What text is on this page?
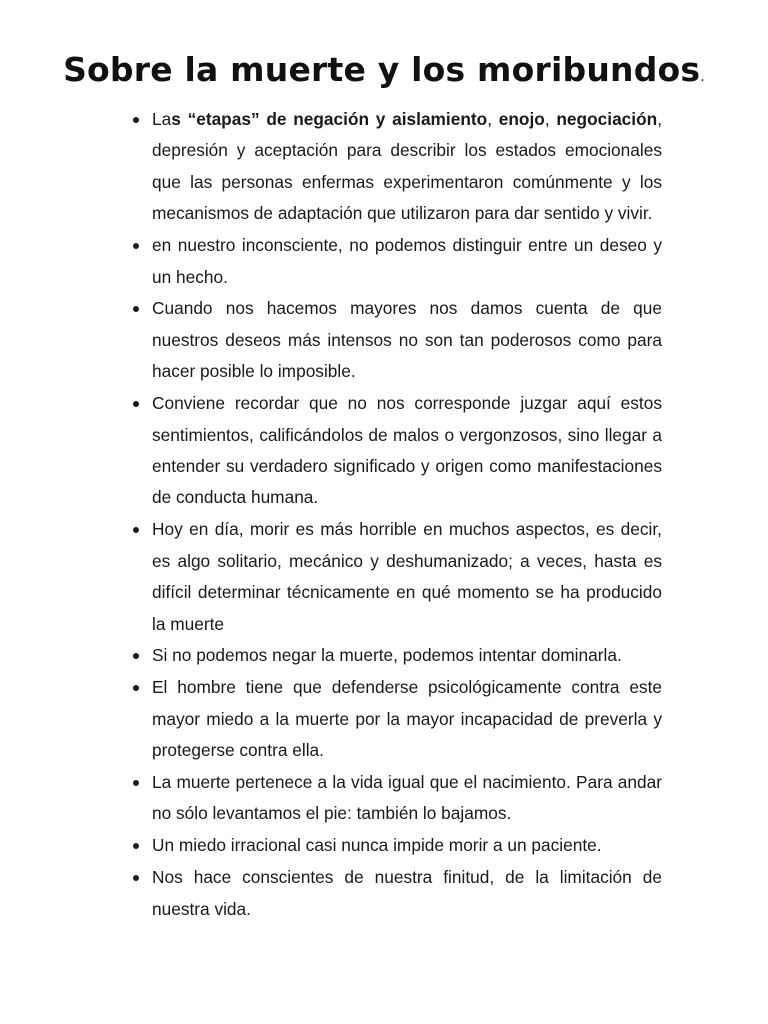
Sobre la muerte y los moribundos.
Las “etapas” de negación y aislamiento, enojo, negociación, depresión y aceptación para describir los estados emocionales que las personas enfermas experimentaron comúnmente y los mecanismos de adaptación que utilizaron para dar sentido y vivir.
en nuestro inconsciente, no podemos distinguir entre un deseo y un hecho.
Cuando nos hacemos mayores nos damos cuenta de que nuestros deseos más intensos no son tan poderosos como para hacer posible lo imposible.
Conviene recordar que no nos corresponde juzgar aquí estos sentimientos, calificándolos de malos o vergonzosos, sino llegar a entender su verdadero significado y origen como manifestaciones de conducta humana.
Hoy en día, morir es más horrible en muchos aspectos, es decir, es algo solitario, mecánico y deshumanizado; a veces, hasta es difícil determinar técnicamente en qué momento se ha producido la muerte
Si no podemos negar la muerte, podemos intentar dominarla.
El hombre tiene que defenderse psicológicamente contra este mayor miedo a la muerte por la mayor incapacidad de preverla y protegerse contra ella.
La muerte pertenece a la vida igual que el nacimiento. Para andar no sólo levantamos el pie: también lo bajamos.
Un miedo irracional casi nunca impide morir a un paciente.
Nos hace conscientes de nuestra finitud, de la limitación de nuestra vida.
